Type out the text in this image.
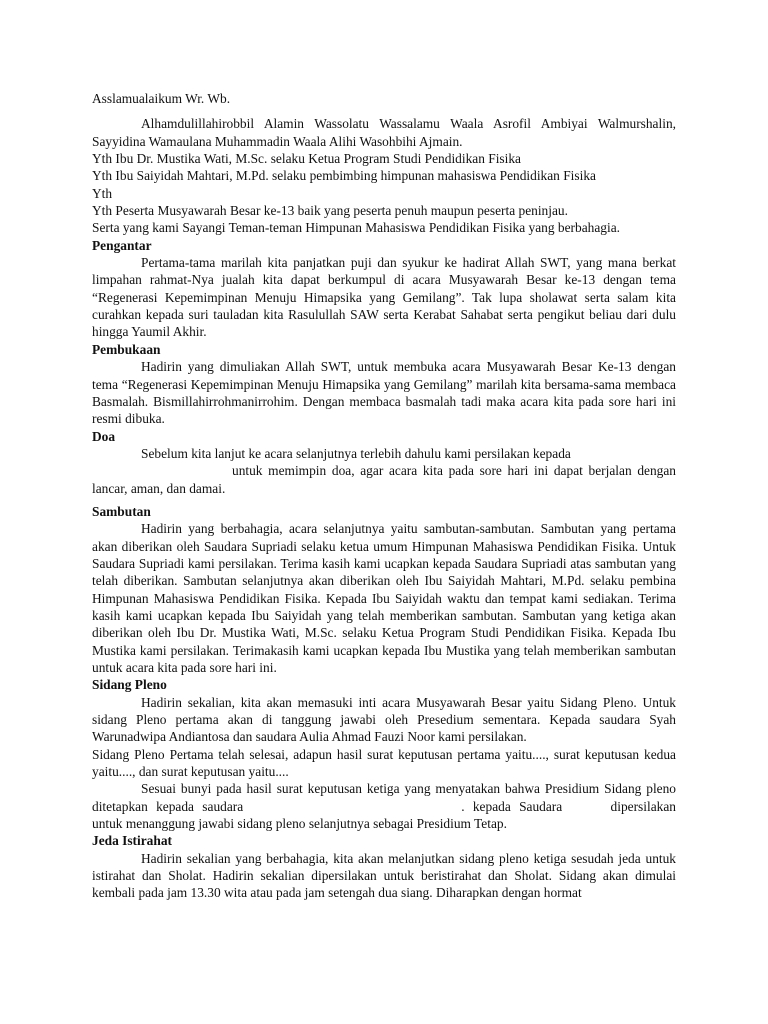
Asslamualaikum Wr. Wb.

Alhamdulillahirobbil Alamin Wassolatu Wassalamu Waala Asrofil Ambiyai Walmurshalin, Sayyidina Wamaulana Muhammadin Waala Alihi Wasohbihi Ajmain.

Yth Ibu Dr. Mustika Wati, M.Sc. selaku Ketua Program Studi Pendidikan Fisika

Yth Ibu Saiyidah Mahtari, M.Pd. selaku pembimbing himpunan mahasiswa Pendidikan Fisika

Yth

Yth Peserta Musyawarah Besar ke-13 baik yang peserta penuh maupun peserta peninjau.

Serta yang kami Sayangi Teman-teman Himpunan Mahasiswa Pendidikan Fisika yang berbahagia.

Pengantar

Pertama-tama marilah kita panjatkan puji dan syukur ke hadirat Allah SWT, yang mana berkat limpahan rahmat-Nya jualah kita dapat berkumpul di acara Musyawarah Besar ke-13 dengan tema “Regenerasi Kepemimpinan Menuju Himapsika yang Gemilang”. Tak lupa sholawat serta salam kita curahkan kepada suri tauladan kita Rasulullah SAW serta Kerabat Sahabat serta pengikut beliau dari dulu hingga Yaumil Akhir.

Pembukaan

Hadirin yang dimuliakan Allah SWT, untuk membuka acara Musyawarah Besar Ke-13 dengan tema “Regenerasi Kepemimpinan Menuju Himapsika yang Gemilang” marilah kita bersama-sama membaca Basmalah. Bismillahirrohmanirrohim. Dengan membaca basmalah tadi maka acara kita pada sore hari ini resmi dibuka.

Doa

Sebelum kita lanjut ke acara selanjutnya terlebih dahulu kami persilakan kepada

untuk memimpin doa, agar acara kita pada sore hari ini dapat berjalan dengan lancar, aman, dan damai.

Sambutan

Hadirin yang berbahagia, acara selanjutnya yaitu sambutan-sambutan. Sambutan yang pertama akan diberikan oleh Saudara Supriadi selaku ketua umum Himpunan Mahasiswa Pendidikan Fisika. Untuk Saudara Supriadi kami persilakan. Terima kasih kami ucapkan kepada Saudara Supriadi atas sambutan yang telah diberikan. Sambutan selanjutnya akan diberikan oleh Ibu Saiyidah Mahtari, M.Pd. selaku pembina Himpunan Mahasiswa Pendidikan Fisika. Kepada Ibu Saiyidah waktu dan tempat kami sediakan. Terima kasih kami ucapkan kepada Ibu Saiyidah yang telah memberikan sambutan. Sambutan yang ketiga akan diberikan oleh Ibu Dr. Mustika Wati, M.Sc. selaku Ketua Program Studi Pendidikan Fisika. Kepada Ibu Mustika kami persilakan. Terimakasih kami ucapkan kepada Ibu Mustika yang telah memberikan sambutan untuk acara kita pada sore hari ini.

Sidang Pleno

Hadirin sekalian, kita akan memasuki inti acara Musyawarah Besar yaitu Sidang Pleno. Untuk sidang Pleno pertama akan di tanggung jawabi oleh Presedium sementara. Kepada saudara Syah Warunadwipa Andiantosa dan saudara Aulia Ahmad Fauzi Noor kami persilakan.

Sidang Pleno Pertama telah selesai, adapun hasil surat keputusan pertama yaitu...., surat keputusan kedua yaitu...., dan surat keputusan yaitu....

Sesuai bunyi pada hasil surat keputusan ketiga yang menyatakan bahwa Presidium Sidang pleno ditetapkan kepada saudara	. kepada Saudara	dipersilakan untuk menanggung jawabi sidang pleno selanjutnya sebagai Presidium Tetap.

Jeda Istirahat

Hadirin sekalian yang berbahagia, kita akan melanjutkan sidang pleno ketiga sesudah jeda untuk istirahat dan Sholat. Hadirin sekalian dipersilakan untuk beristirahat dan Sholat. Sidang akan dimulai kembali pada jam 13.30 wita atau pada jam setengah dua siang. Diharapkan dengan hormat
